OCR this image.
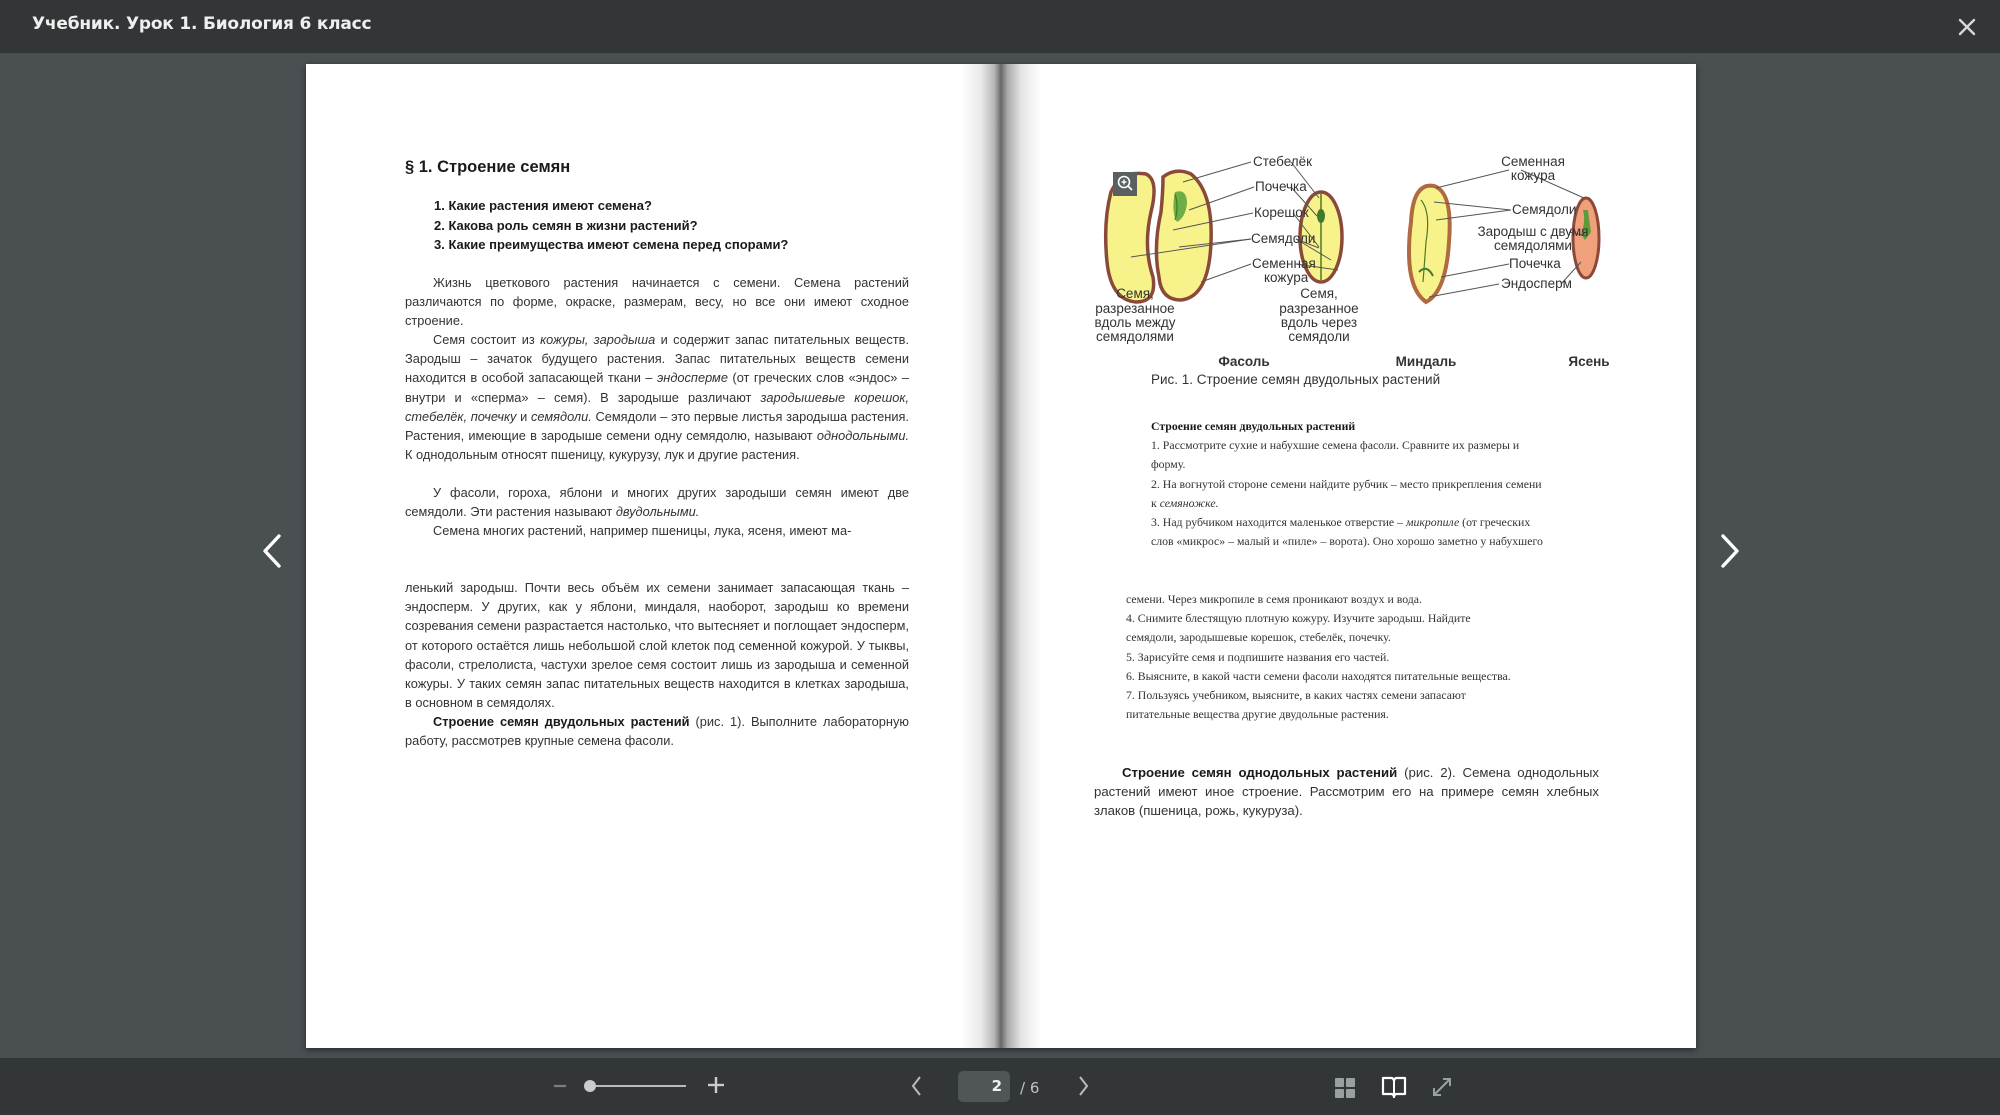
Учебник. Урок 1. Биология 6 класс
§ 1. Строение семян
1. Какие растения имеют семена?
2. Какова роль семян в жизни растений?
3. Какие преимущества имеют семена перед спорами?
Жизнь цветкового растения начинается с семени. Семена растений различаются по форме, окраске, размерам, весу, но все они имеют сходное строение.
Семя состоит из кожуры, зародыша и содержит запас питательных веществ. Зародыш – зачаток будущего растения. Запас питательных веществ семени находится в особой запасающей ткани – эндосперме (от греческих слов «эндос» – внутри и «сперма» – семя). В зародыше различают зародышевые корешок, стебелёк, почечку и семядоли. Семядоли – это первые листья зародыша растения. Растения, имеющие в зародыше семени одну семядолю, называют однодольными. К однодольным относят пшеницу, кукурузу, лук и другие растения.
У фасоли, гороха, яблони и многих других зародыши семян имеют две семядоли. Эти растения называют двудольными.
Семена многих растений, например пшеницы, лука, ясеня, имеют ма-
ленький зародыш. Почти весь объём их семени занимает запасающая ткань – эндосперм. У других, как у яблони, миндаля, наоборот, зародыш ко времени созревания семени разрастается настолько, что вытесняет и поглощает эндосперм, от которого остаётся лишь небольшой слой клеток под семенной кожурой. У тыквы, фасоли, стрелолиста, частухи зрелое семя состоит лишь из зародыша и семенной кожуры. У таких семян запас питательных веществ находится в клетках зародыша, в основном в семядолях.
Строение семян двудольных растений (рис. 1). Выполните лабораторную работу, рассмотрев крупные семена фасоли.
Стебелёк
Почечка
Корешок
Семядоли
Семенная
кожура
Семенная
кожура
Семядоли
Зародыш с двумя
семядолями
Почечка
Эндосперм
Семя,
разрезанное
вдоль между
семядолями
Семя,
разрезанное
вдоль через
семядоли
Фасоль	Миндаль	Ясень
Рис. 1. Строение семян двудольных растений
Строение семян двудольных растений
1. Рассмотрите сухие и набухшие семена фасоли. Сравните их размеры и
форму.
2. На вогнутой стороне семени найдите рубчик – место прикрепления семени
к семяножке.
3. Над рубчиком находится маленькое отверстие – микропиле (от греческих
слов «микрос» – малый и «пиле» – ворота). Оно хорошо заметно у набухшего
семени. Через микропиле в семя проникают воздух и вода.
4. Снимите блестящую плотную кожуру. Изучите зародыш. Найдите
семядоли, зародышевые корешок, стебелёк, почечку.
5. Зарисуйте семя и подпишите названия его частей.
6. Выясните, в какой части семени фасоли находятся питательные вещества.
7. Пользуясь учебником, выясните, в каких частях семени запасают
питательные вещества другие двудольные растения.
Строение семян однодольных растений (рис. 2). Семена однодольных растений имеют иное строение. Рассмотрим его на примере семян хлебных злаков (пшеница, рожь, кукуруза).
2	/ 6
